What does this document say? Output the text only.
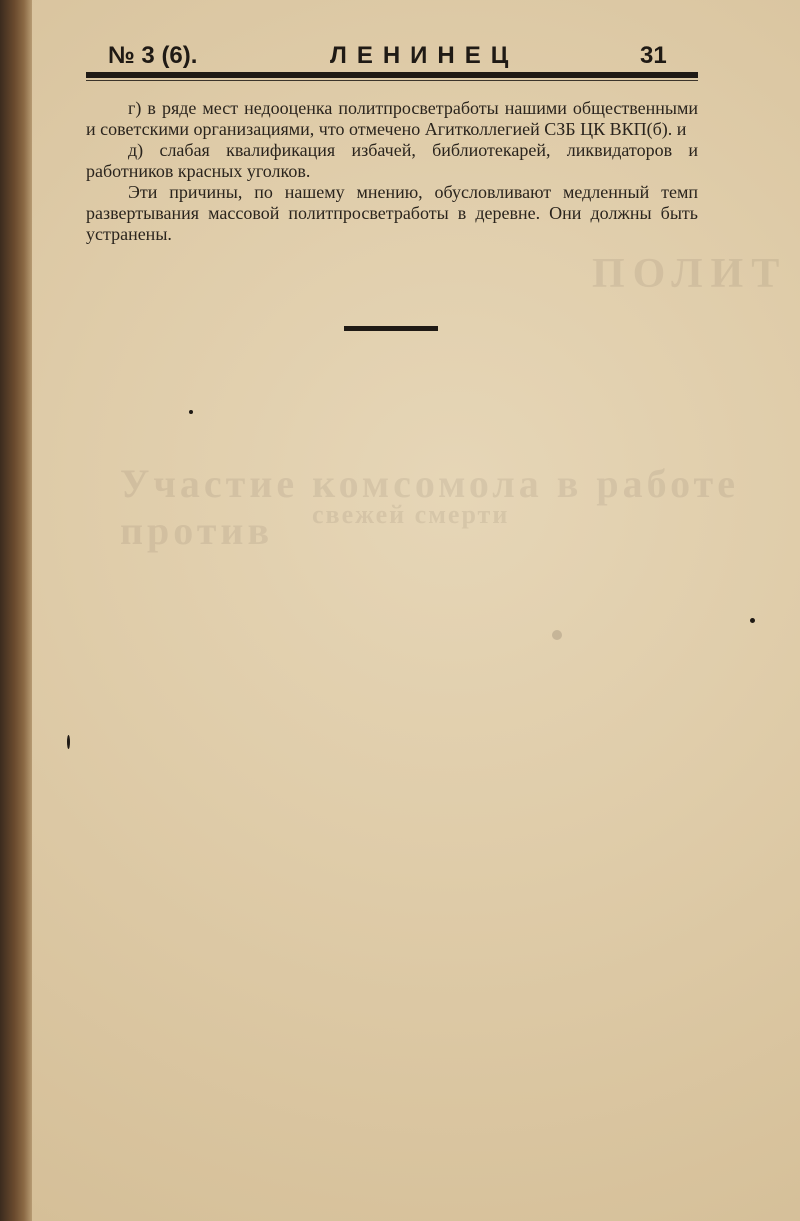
ПОЛИТ
Участие комсомола в работе против	свежей смерти
№ 3 (6).	ЛЕНИНЕЦ	31

г) в ряде мест недооценка политпросветработы нашими общественными и советскими организациями, что отмечено Агитколлегией СЗБ ЦК ВКП(б). и

д) слабая квалификация избачей, библиотекарей, ликвидаторов и работников красных уголков.

Эти причины, по нашему мнению, обусловливают медленный темп развертывания массовой политпросветработы в деревне. Они должны быть устранены.
